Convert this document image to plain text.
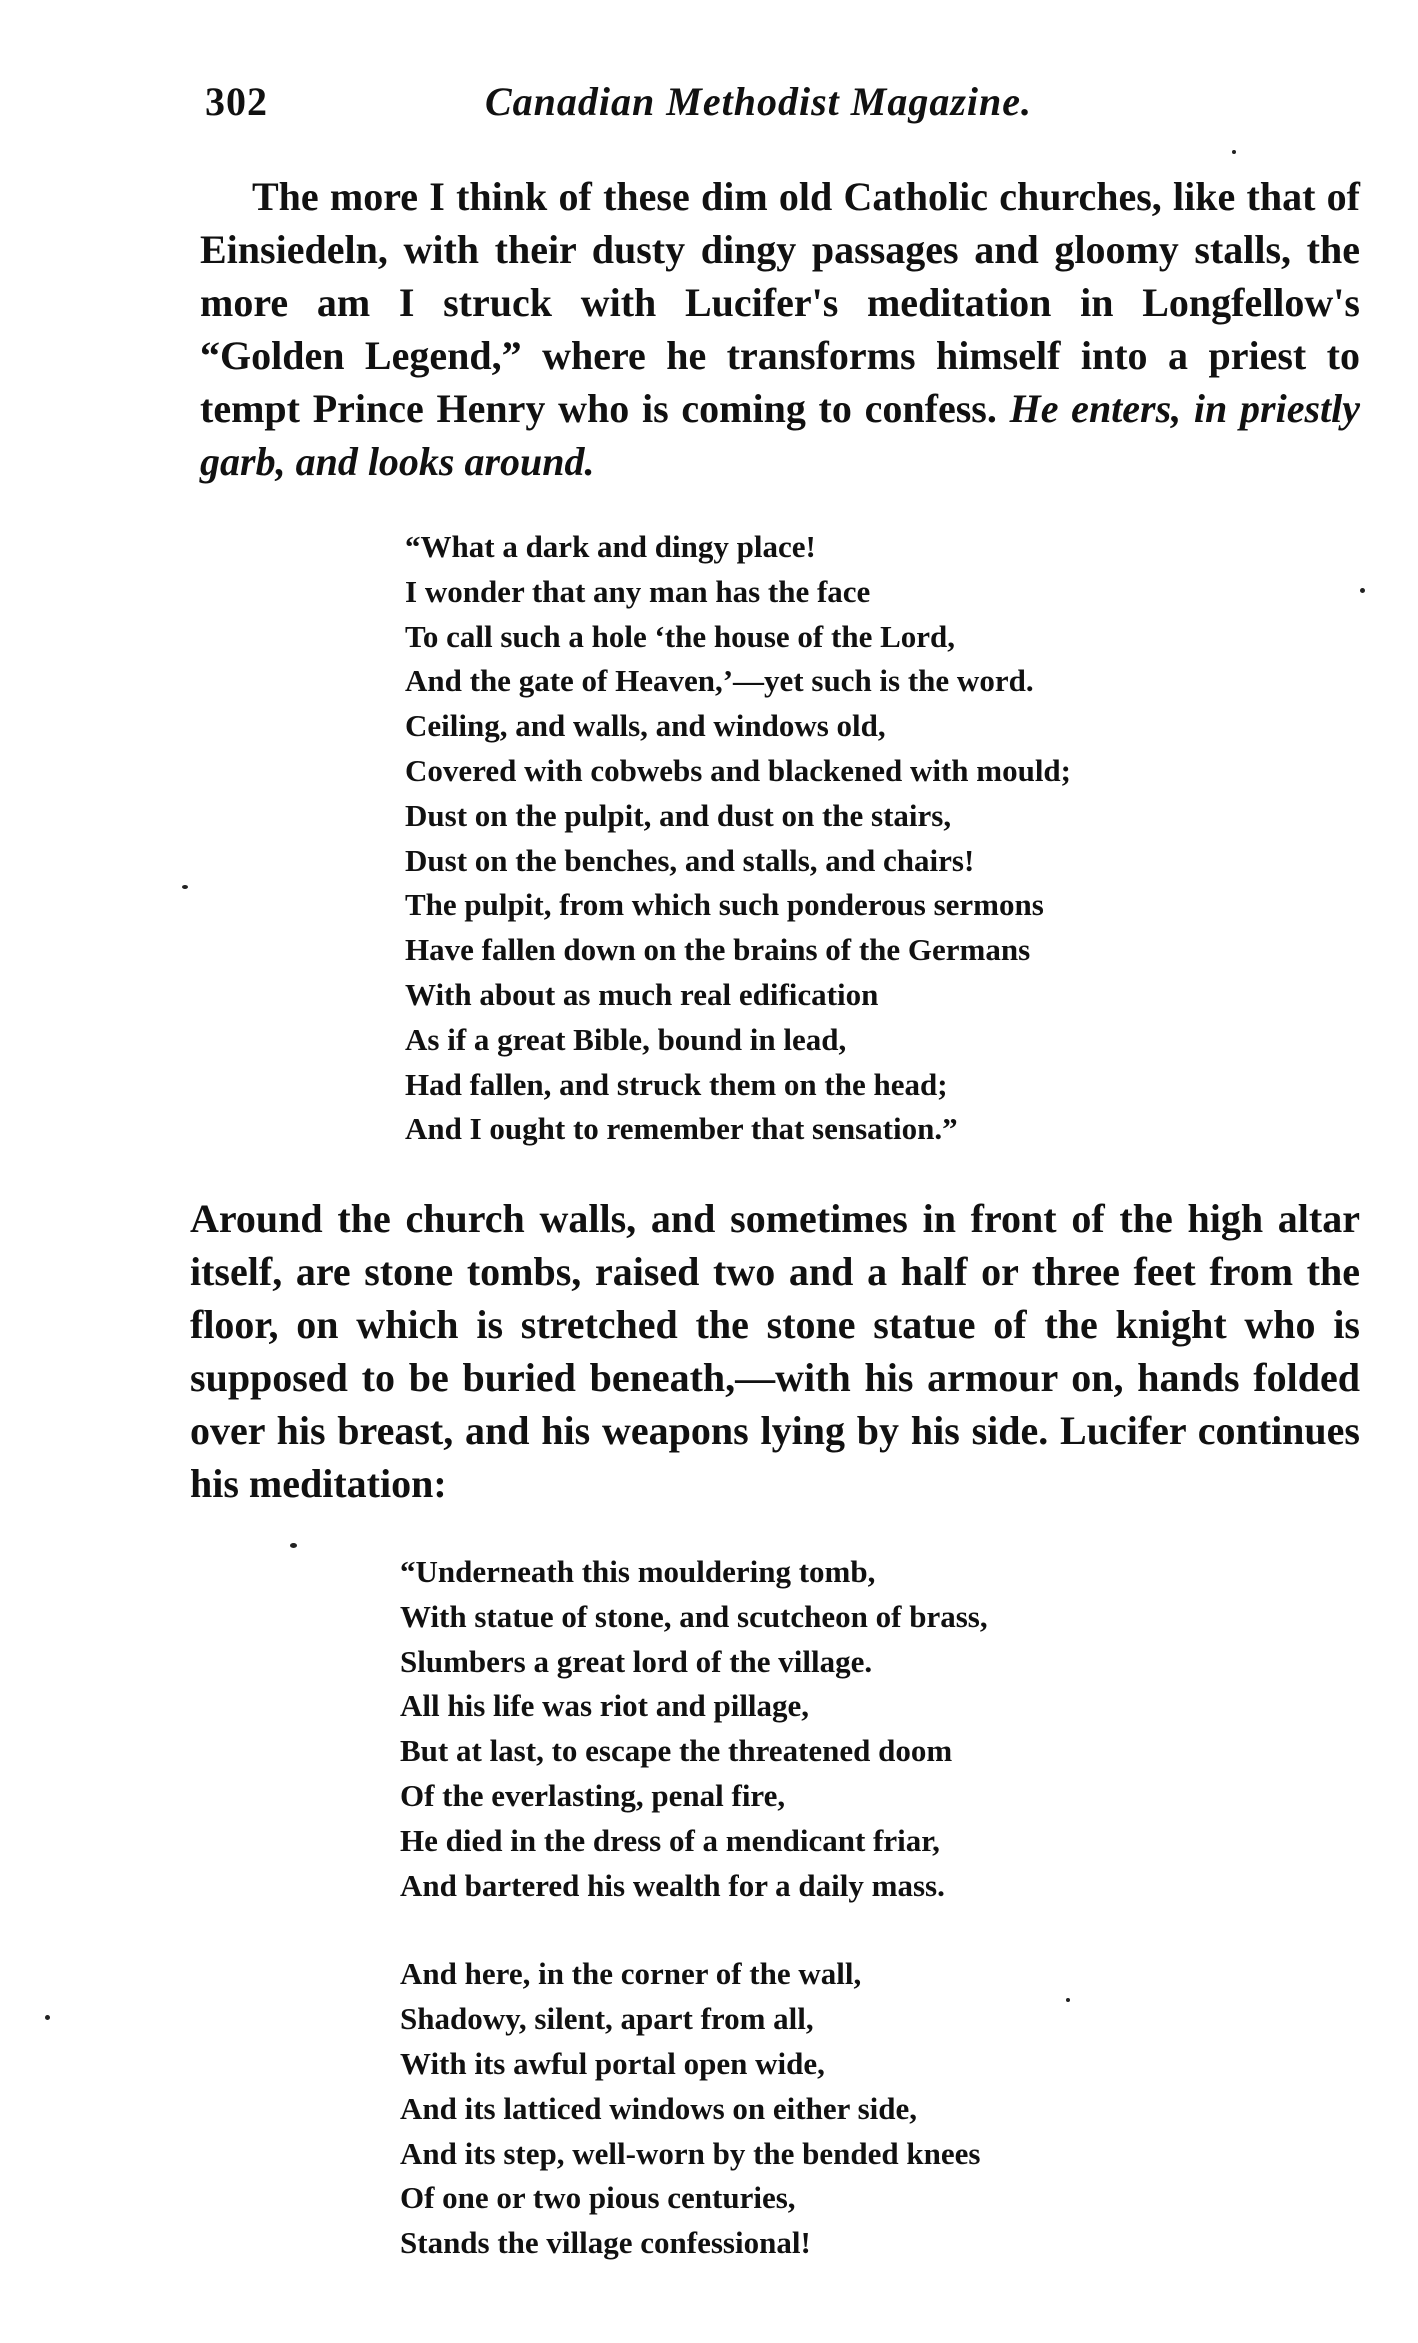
302	Canadian Methodist Magazine.

The more I think of these dim old Catholic churches, like that of Einsiedeln, with their dusty dingy passages and gloomy stalls, the more am I struck with Lucifer's meditation in Longfellow's “Golden Legend,” where he transforms himself into a priest to tempt Prince Henry who is coming to confess. He enters, in priestly garb, and looks around.

“What a dark and dingy place!
I wonder that any man has the face
To call such a hole ‘the house of the Lord,
And the gate of Heaven,’—yet such is the word.
Ceiling, and walls, and windows old,
Covered with cobwebs and blackened with mould;
Dust on the pulpit, and dust on the stairs,
Dust on the benches, and stalls, and chairs!
The pulpit, from which such ponderous sermons
Have fallen down on the brains of the Germans
With about as much real edification
As if a great Bible, bound in lead,
Had fallen, and struck them on the head;
And I ought to remember that sensation.”

Around the church walls, and sometimes in front of the high altar itself, are stone tombs, raised two and a half or three feet from the floor, on which is stretched the stone statue of the knight who is supposed to be buried beneath,—with his armour on, hands folded over his breast, and his weapons lying by his side. Lucifer continues his meditation:

“Underneath this mouldering tomb,
With statue of stone, and scutcheon of brass,
Slumbers a great lord of the village.
All his life was riot and pillage,
But at last, to escape the threatened doom
Of the everlasting, penal fire,
He died in the dress of a mendicant friar,
And bartered his wealth for a daily mass.
And here, in the corner of the wall,
Shadowy, silent, apart from all,
With its awful portal open wide,
And its latticed windows on either side,
And its step, well-worn by the bended knees
Of one or two pious centuries,
Stands the village confessional!
